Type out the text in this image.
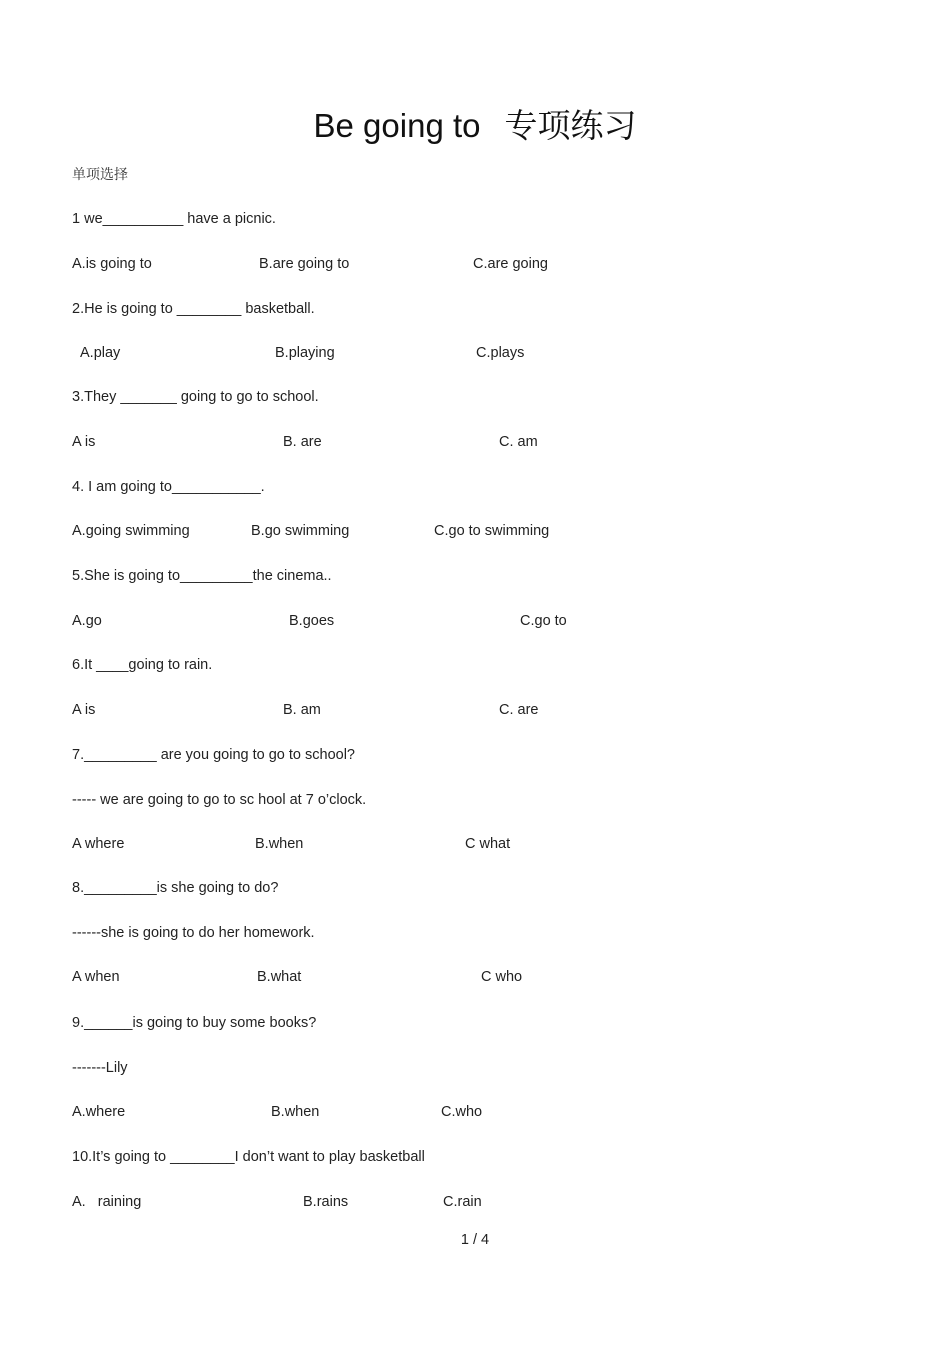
Be going to 专项练习
单项选择
1 we__________ have a picnic.
A.is going to	B.are going to	C.are going
2.He is going to ________ basketball.
A.play	B.playing	C.plays
3.They _______ going to go to school.
A is	B. are	C. am
4. I am going to___________.
A.going swimming	B.go swimming	C.go to swimming
5.She is going to_________the cinema..
A.go	B.goes	C.go to
6.It ____going to rain.
A is	B. am	C. are
7._________ are you going to go to school?
----- we are going to go to sc hool at 7 o’clock.
A where	B.when	C what
8._________is she going to do?
------she is going to do her homework.
A when	B.what	C who
9.______is going to buy some books?
-------Lily
A.where	B.when	C.who
10.It’s going to ________I don’t want to play basketball
A.   raining	B.rains	C.rain
1 / 4
